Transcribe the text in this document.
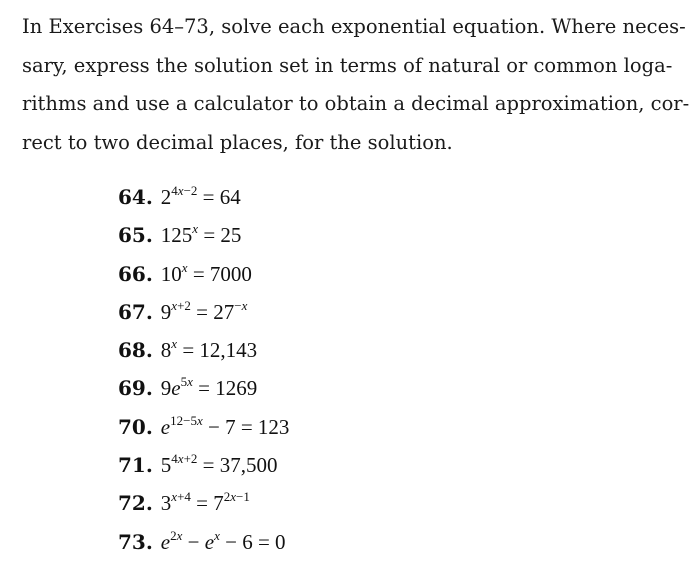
In Exercises 64–73, solve each exponential equation. Where neces-
sary, express the solution set in terms of natural or common loga-
rithms and use a calculator to obtain a decimal approximation, cor-
rect to two decimal places, for the solution.

64. $2^{4x-2} = 64$
65. $125^x = 25$
66. $10^x = 7000$
67. $9^{x+2} = 27^{-x}$
68. $8^x = 12,143$
69. $9e^{5x} = 1269$
70. $e^{12-5x} - 7 = 123$
71. $5^{4x+2} = 37,500$
72. $3^{x+4} = 7^{2x-1}$
73. $e^{2x} - e^x - 6 = 0$
